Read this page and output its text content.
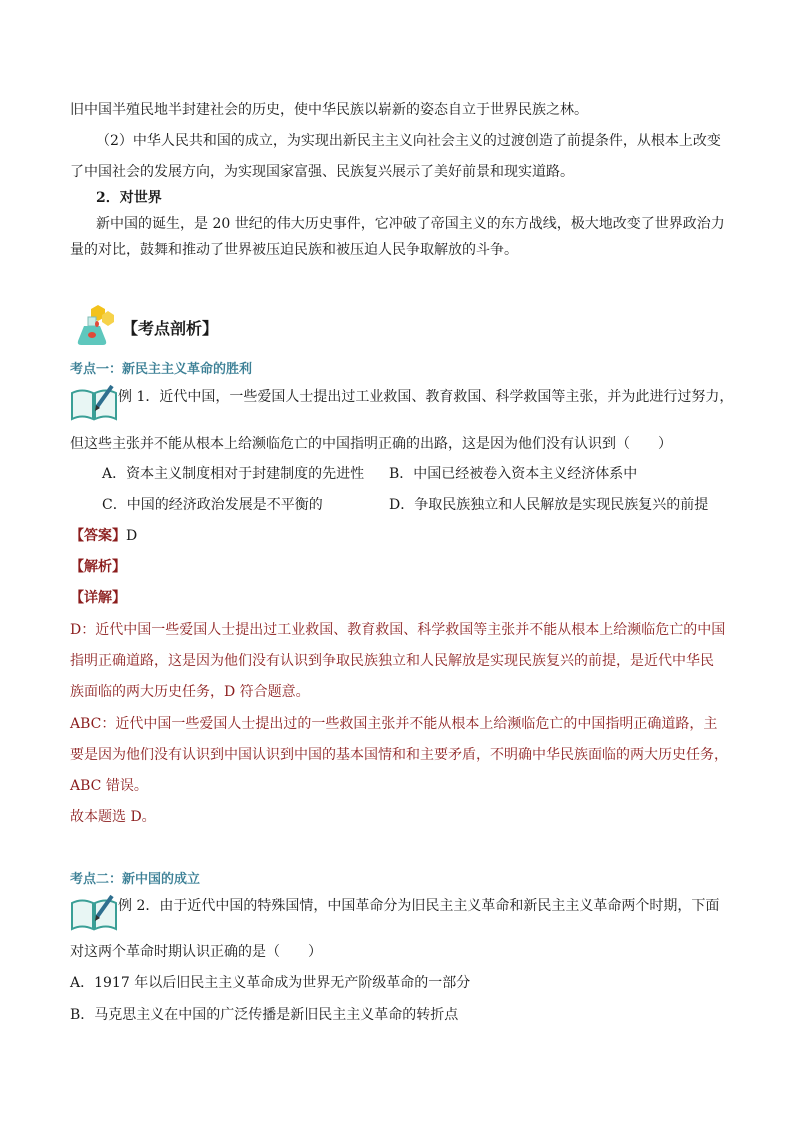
旧中国半殖民地半封建社会的历史，使中华民族以崭新的姿态自立于世界民族之林。
（2）中华人民共和国的成立，为实现出新民主主义向社会主义的过渡创造了前提条件，从根本上改变
了中国社会的发展方向，为实现国家富强、民族复兴展示了美好前景和现实道路。
2．对世界
新中国的诞生，是 20 世纪的伟大历史事件，它冲破了帝国主义的东方战线，极大地改变了世界政治力
量的对比，鼓舞和推动了世界被压迫民族和被压迫人民争取解放的斗争。
【考点剖析】
考点一：新民主主义革命的胜利
例 1．近代中国，一些爱国人士提出过工业救国、教育救国、科学救国等主张，并为此进行过努力，
但这些主张并不能从根本上给濒临危亡的中国指明正确的出路，这是因为他们没有认识到（　　）
A．资本主义制度相对于封建制度的先进性 B．中国已经被卷入资本主义经济体系中
C．中国的经济政治发展是不平衡的	D．争取民族独立和人民解放是实现民族复兴的前提
【答案】D
【解析】
【详解】
D：近代中国一些爱国人士提出过工业救国、教育救国、科学救国等主张并不能从根本上给濒临危亡的中国
指明正确道路，这是因为他们没有认识到争取民族独立和人民解放是实现民族复兴的前提，是近代中华民
族面临的两大历史任务，D 符合题意。
ABC：近代中国一些爱国人士提出过的一些救国主张并不能从根本上给濒临危亡的中国指明正确道路，主
要是因为他们没有认识到中国认识到中国的基本国情和和主要矛盾，不明确中华民族面临的两大历史任务，
ABC 错误。
故本题选 D。
考点二：新中国的成立
例 2．由于近代中国的特殊国情，中国革命分为旧民主主义革命和新民主主义革命两个时期，下面
对这两个革命时期认识正确的是（　　）
A．1917 年以后旧民主主义革命成为世界无产阶级革命的一部分
B．马克思主义在中国的广泛传播是新旧民主主义革命的转折点
